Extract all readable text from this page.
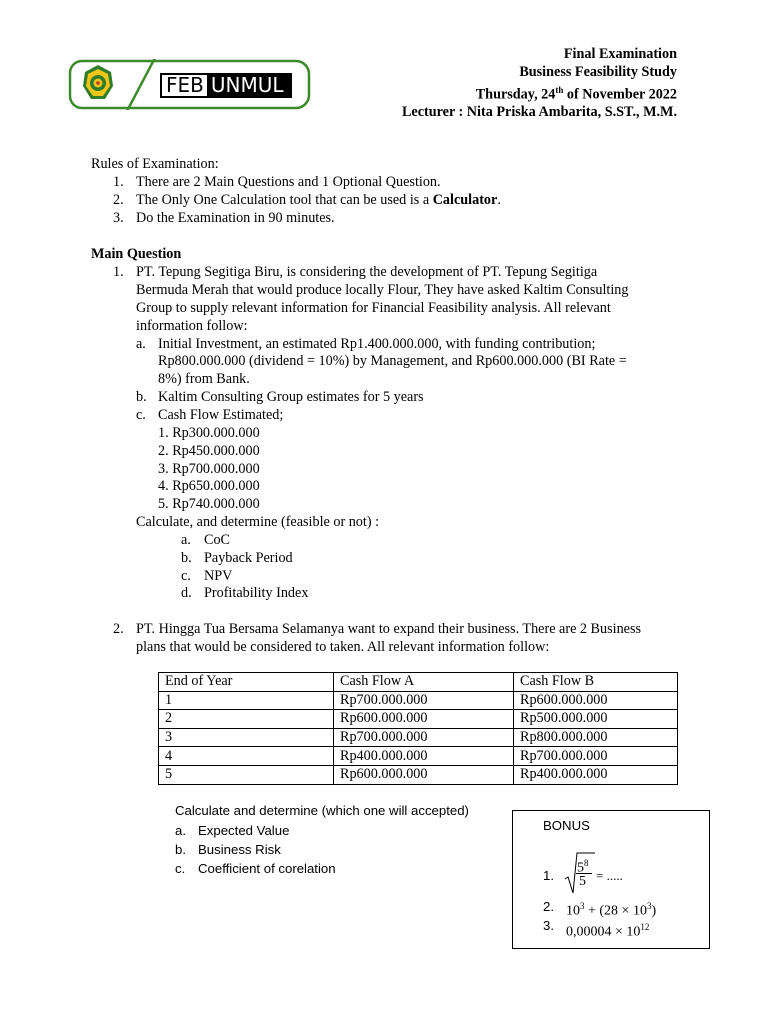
FEB UNMUL
Final Examination
Business Feasibility Study
Thursday, 24th of November 2022
Lecturer : Nita Priska Ambarita, S.ST., M.M.
Rules of Examination:
1. There are 2 Main Questions and 1 Optional Question.
2. The Only One Calculation tool that can be used is a Calculator.
3. Do the Examination in 90 minutes.
Main Question
1. PT. Tepung Segitiga Biru, is considering the development of PT. Tepung Segitiga
Bermuda Merah that would produce locally Flour, They have asked Kaltim Consulting
Group to supply relevant information for Financial Feasibility analysis. All relevant
information follow:
a. Initial Investment, an estimated Rp1.400.000.000, with funding contribution;
Rp800.000.000 (dividend = 10%) by Management, and Rp600.000.000 (BI Rate =
8%) from Bank.
b. Kaltim Consulting Group estimates for 5 years
c. Cash Flow Estimated;
1. Rp300.000.000
2. Rp450.000.000
3. Rp700.000.000
4. Rp650.000.000
5. Rp740.000.000
Calculate, and determine (feasible or not) :
a. CoC
b. Payback Period
c. NPV
d. Profitability Index
2. PT. Hingga Tua Bersama Selamanya want to expand their business. There are 2 Business
plans that would be considered to taken. All relevant information follow:
End of Year	Cash Flow A	Cash Flow B
1	Rp700.000.000	Rp600.000.000
2	Rp600.000.000	Rp500.000.000
3	Rp700.000.000	Rp800.000.000
4	Rp400.000.000	Rp700.000.000
5	Rp600.000.000	Rp400.000.000
Calculate and determine (which one will accepted)
a. Expected Value
b. Business Risk
c. Coefficient of corelation
BONUS
1. $5^8$
5 = .....
2. $10^3 + (28 \times 10^3)$
3. $0,00004 \times 10^{12}$
